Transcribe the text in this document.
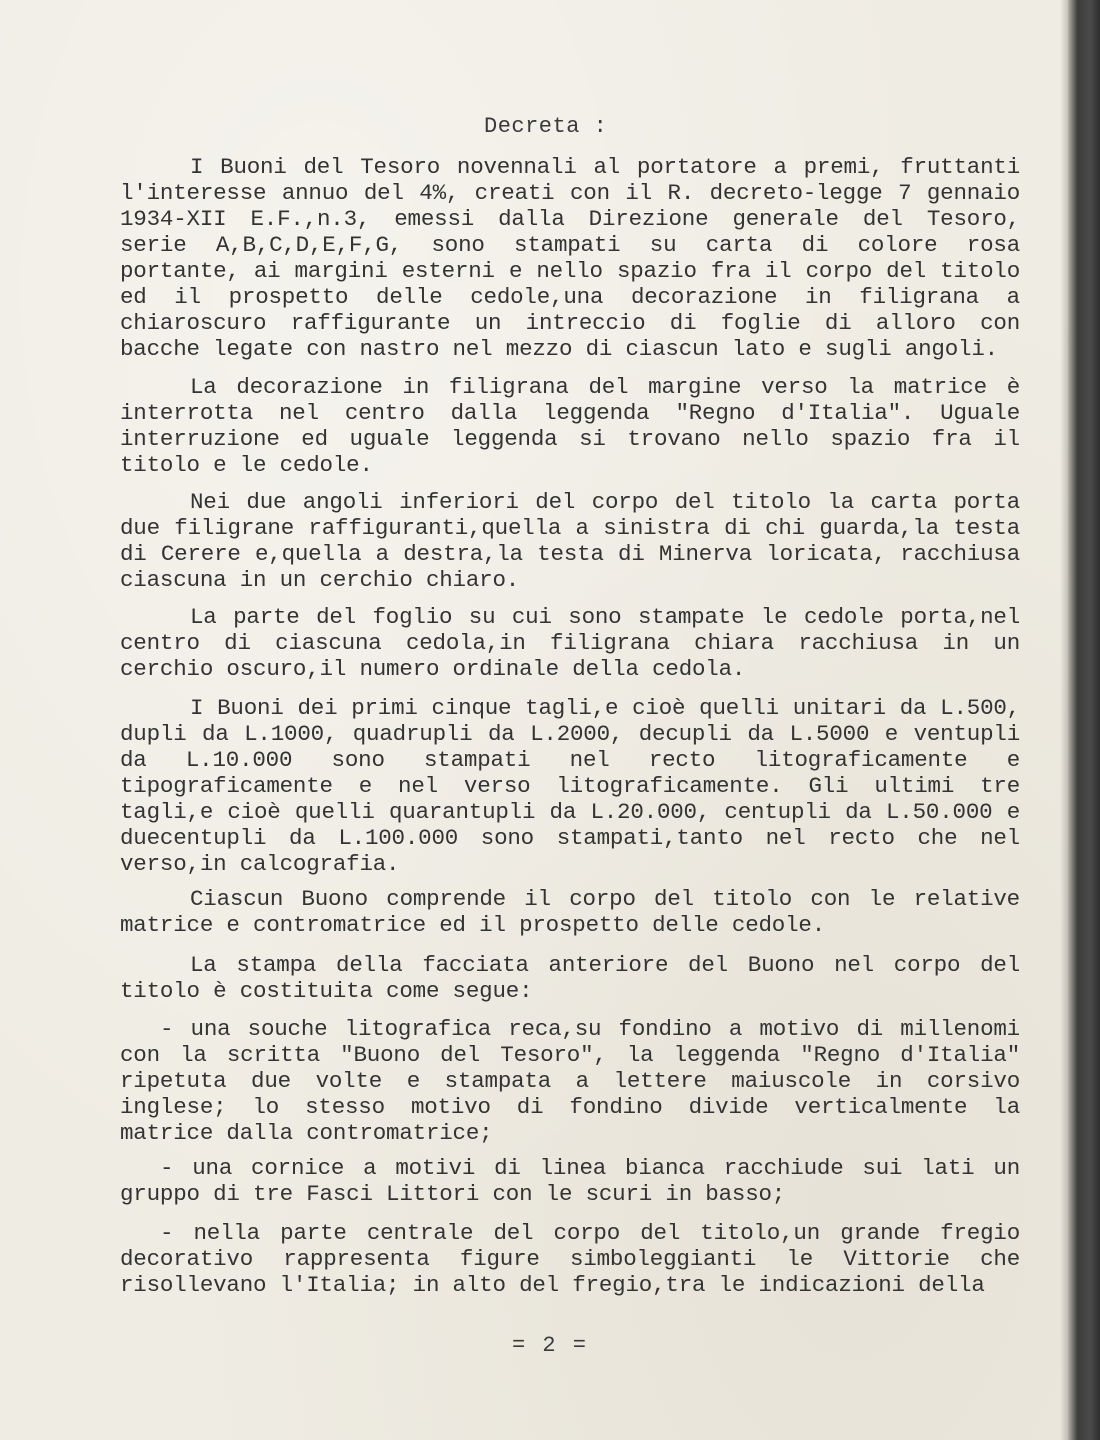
Decreta :

I Buoni del Tesoro novennali al portatore a premi, fruttanti l'interesse annuo del 4%, creati con il R. decreto-legge 7 gennaio 1934-XII E.F.,n.3, emessi dalla Direzione generale del Tesoro, serie A,B,C,D,E,F,G, sono stampati su carta di colore rosa portante, ai margini esterni e nello spazio fra il corpo del titolo ed il prospetto delle cedole,una decorazione in filigrana a chiaroscuro raffigurante un intreccio di foglie di alloro con bacche legate con nastro nel mezzo di ciascun lato e sugli angoli.

La decorazione in filigrana del margine verso la matrice è interrotta nel centro dalla leggenda "Regno d'Italia". Uguale interruzione ed uguale leggenda si trovano nello spazio fra il titolo e le cedole.

Nei due angoli inferiori del corpo del titolo la carta porta due filigrane raffiguranti,quella a sinistra di chi guarda,la testa di Cerere e,quella a destra,la testa di Minerva loricata, racchiusa ciascuna in un cerchio chiaro.

La parte del foglio su cui sono stampate le cedole porta,nel centro di ciascuna cedola,in filigrana chiara racchiusa in un cerchio oscuro,il numero ordinale della cedola.

I Buoni dei primi cinque tagli,e cioè quelli unitari da L.500, dupli da L.1000, quadrupli da L.2000, decupli da L.5000 e ventupli da L.10.000 sono stampati nel recto litograficamente e tipograficamente e nel verso litograficamente. Gli ultimi tre tagli,e cioè quelli quarantupli da L.20.000, centupli da L.50.000 e duecentupli da L.100.000 sono stampati,tanto nel recto che nel verso,in calcografia.

Ciascun Buono comprende il corpo del titolo con le relative matrice e contromatrice ed il prospetto delle cedole.

La stampa della facciata anteriore del Buono nel corpo del titolo è costituita come segue:

- una souche litografica reca,su fondino a motivo di millenomi con la scritta "Buono del Tesoro", la leggenda "Regno d'Italia" ripetuta due volte e stampata a lettere maiuscole in corsivo inglese; lo stesso motivo di fondino divide verticalmente la matrice dalla contromatrice;

- una cornice a motivi di linea bianca racchiude sui lati un gruppo di tre Fasci Littori con le scuri in basso;

- nella parte centrale del corpo del titolo,un grande fregio decorativo rappresenta figure simboleggianti le Vittorie che risollevano l'Italia; in alto del fregio,tra le indicazioni della

= 2 =
